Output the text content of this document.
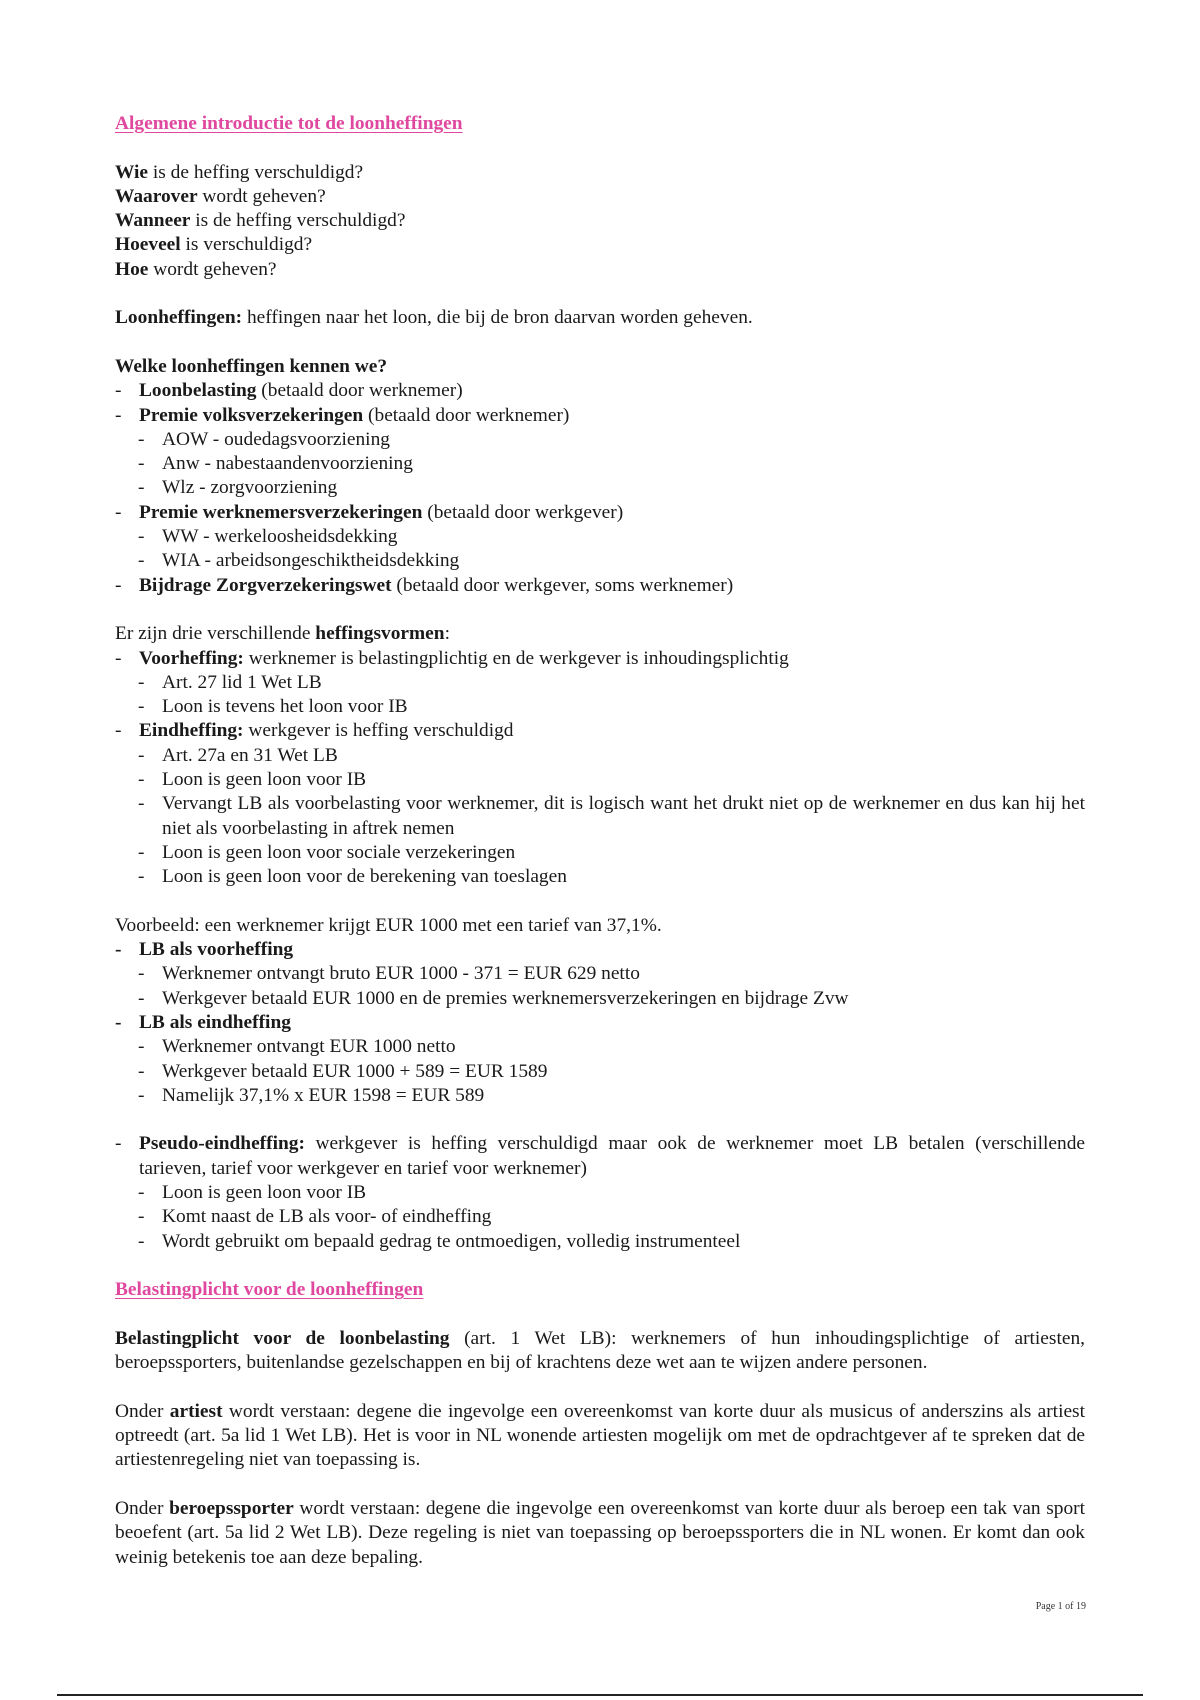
Algemene introductie tot de loonheffingen

Wie is de heffing verschuldigd?

Waarover wordt geheven?

Wanneer is de heffing verschuldigd?

Hoeveel is verschuldigd?

Hoe wordt geheven?

Loonheffingen: heffingen naar het loon, die bij de bron daarvan worden geheven.

Welke loonheffingen kennen we?

- Loonbelasting (betaald door werknemer)
- Premie volksverzekeringen (betaald door werknemer)
- AOW - oudedagsvoorziening
- Anw - nabestaandenvoorziening
- Wlz - zorgvoorziening
- Premie werknemersverzekeringen (betaald door werkgever)
- WW - werkeloosheidsdekking
- WIA - arbeidsongeschiktheidsdekking
- Bijdrage Zorgverzekeringswet (betaald door werkgever, soms werknemer)

Er zijn drie verschillende heffingsvormen:

- Voorheffing: werknemer is belastingplichtig en de werkgever is inhoudingsplichtig
- Art. 27 lid 1 Wet LB
- Loon is tevens het loon voor IB
- Eindheffing: werkgever is heffing verschuldigd
- Art. 27a en 31 Wet LB
- Loon is geen loon voor IB
- Vervangt LB als voorbelasting voor werknemer, dit is logisch want het drukt niet op de werknemer en dus kan hij het niet als voorbelasting in aftrek nemen
- Loon is geen loon voor sociale verzekeringen
- Loon is geen loon voor de berekening van toeslagen

Voorbeeld: een werknemer krijgt EUR 1000 met een tarief van 37,1%.

- LB als voorheffing
- Werknemer ontvangt bruto EUR 1000 - 371 = EUR 629 netto
- Werkgever betaald EUR 1000 en de premies werknemersverzekeringen en bijdrage Zvw
- LB als eindheffing
- Werknemer ontvangt EUR 1000 netto
- Werkgever betaald EUR 1000 + 589 = EUR 1589
- Namelijk 37,1% x EUR 1598 = EUR 589
- Pseudo-eindheffing: werkgever is heffing verschuldigd maar ook de werknemer moet LB betalen (verschillende tarieven, tarief voor werkgever en tarief voor werknemer)
- Loon is geen loon voor IB
- Komt naast de LB als voor- of eindheffing
- Wordt gebruikt om bepaald gedrag te ontmoedigen, volledig instrumenteel

Belastingplicht voor de loonheffingen

Belastingplicht voor de loonbelasting (art. 1 Wet LB): werknemers of hun inhoudingsplichtige of artiesten, beroepssporters, buitenlandse gezelschappen en bij of krachtens deze wet aan te wijzen andere personen.

Onder artiest wordt verstaan: degene die ingevolge een overeenkomst van korte duur als musicus of anderszins als artiest optreedt (art. 5a lid 1 Wet LB). Het is voor in NL wonende artiesten mogelijk om met de opdrachtgever af te spreken dat de artiestenregeling niet van toepassing is.

Onder beroepssporter wordt verstaan: degene die ingevolge een overeenkomst van korte duur als beroep een tak van sport beoefent (art. 5a lid 2 Wet LB). Deze regeling is niet van toepassing op beroepssporters die in NL wonen. Er komt dan ook weinig betekenis toe aan deze bepaling.

Page 1 of 19
